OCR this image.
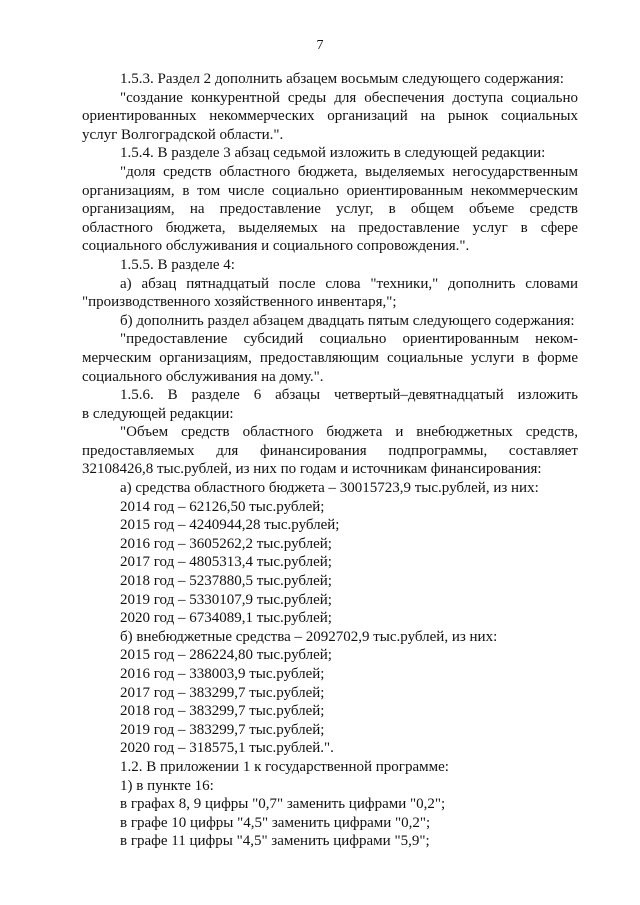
7
1.5.3. Раздел 2 дополнить абзацем восьмым следующего содержания:
"создание конкурентной среды для обеспечения доступа социально
ориентированных некоммерческих организаций на рынок социальных
услуг Волгоградской области.".
1.5.4. В разделе 3 абзац седьмой изложить в следующей редакции:
"доля средств областного бюджета, выделяемых негосударственным
организациям, в том числе социально ориентированным некоммерческим
организациям, на предоставление услуг, в общем объеме средств
областного бюджета, выделяемых на предоставление услуг в сфере
социального обслуживания и социального сопровождения.".
1.5.5. В разделе 4:
а) абзац пятнадцатый после слова "техники," дополнить словами
"производственного хозяйственного инвентаря,";
б) дополнить раздел абзацем двадцать пятым следующего содержания:
"предоставление субсидий социально ориентированным неком-
мерческим организациям, предоставляющим социальные услуги в форме
социального обслуживания на дому.".
1.5.6. В разделе 6 абзацы четвертый–девятнадцатый изложить
в следующей редакции:
"Объем средств областного бюджета и внебюджетных средств,
предоставляемых для финансирования подпрограммы, составляет
32108426,8 тыс.рублей, из них по годам и источникам финансирования:
а) средства областного бюджета – 30015723,9 тыс.рублей, из них:
2014 год – 62126,50 тыс.рублей;
2015 год – 4240944,28 тыс.рублей;
2016 год – 3605262,2 тыс.рублей;
2017 год – 4805313,4 тыс.рублей;
2018 год – 5237880,5 тыс.рублей;
2019 год – 5330107,9 тыс.рублей;
2020 год – 6734089,1 тыс.рублей;
б) внебюджетные средства – 2092702,9 тыс.рублей, из них:
2015 год – 286224,80 тыс.рублей;
2016 год – 338003,9 тыс.рублей;
2017 год – 383299,7 тыс.рублей;
2018 год – 383299,7 тыс.рублей;
2019 год – 383299,7 тыс.рублей;
2020 год – 318575,1 тыс.рублей.".
1.2. В приложении 1 к государственной программе:
1) в пункте 16:
в графах 8, 9 цифры "0,7" заменить цифрами "0,2";
в графе 10 цифры "4,5" заменить цифрами "0,2";
в графе 11 цифры "4,5" заменить цифрами "5,9";
